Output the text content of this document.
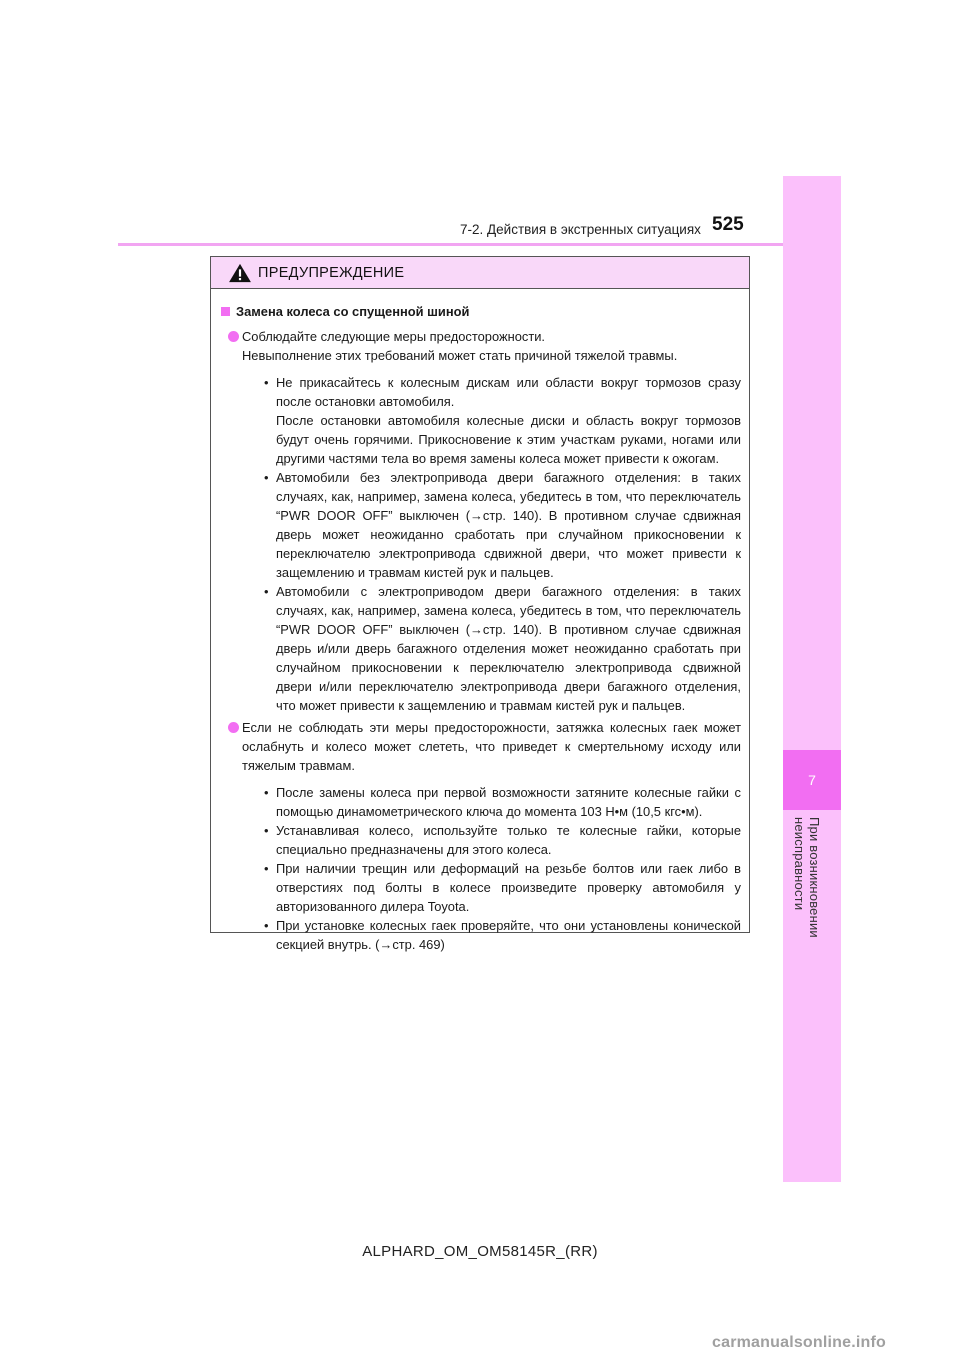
7
При возникновении неисправности
7-2. Действия в экстренных ситуациях 525
ПРЕДУПРЕЖДЕНИЕ
Замена колеса со спущенной шиной

Соблюдайте следующие меры предосторожности.

Невыполнение этих требований может стать причиной тяжелой травмы.

• Не прикасайтесь к колесным дискам или области вокруг тормозов сразу после остановки автомобиля.

После остановки автомобиля колесные диски и область вокруг тормозов будут очень горячими. Прикосновение к этим участкам руками, ногами или другими частями тела во время замены колеса может привести к ожогам.

• Автомобили без электропривода двери багажного отделения: в таких случаях, как, например, замена колеса, убедитесь в том, что переключатель “PWR DOOR OFF” выключен (→стр. 140). В противном случае сдвижная дверь может неожиданно сработать при случайном прикосновении к переключателю электропривода сдвижной двери, что может привести к защемлению и травмам кистей рук и пальцев.

• Автомобили с электроприводом двери багажного отделения: в таких случаях, как, например, замена колеса, убедитесь в том, что переключатель “PWR DOOR OFF” выключен (→стр. 140). В противном случае сдвижная дверь и/или дверь багажного отделения может неожиданно сработать при случайном прикосновении к переключателю электропривода сдвижной двери и/или переключателю электропривода двери багажного отделения, что может привести к защемлению и травмам кистей рук и пальцев.

Если не соблюдать эти меры предосторожности, затяжка колесных гаек может ослабнуть и колесо может слететь, что приведет к смертельному исходу или тяжелым травмам.

• После замены колеса при первой возможности затяните колесные гайки с помощью динамометрического ключа до момента 103 Н•м (10,5 кгс•м).

• Устанавливая колесо, используйте только те колесные гайки, которые специально предназначены для этого колеса.

• При наличии трещин или деформаций на резьбе болтов или гаек либо в отверстиях под болты в колесе произведите проверку автомобиля у авторизованного дилера Toyota.

• При установке колесных гаек проверяйте, что они установлены конической секцией внутрь. (→стр. 469)

ALPHARD_OM_OM58145R_(RR)
carmanualsonline.info
